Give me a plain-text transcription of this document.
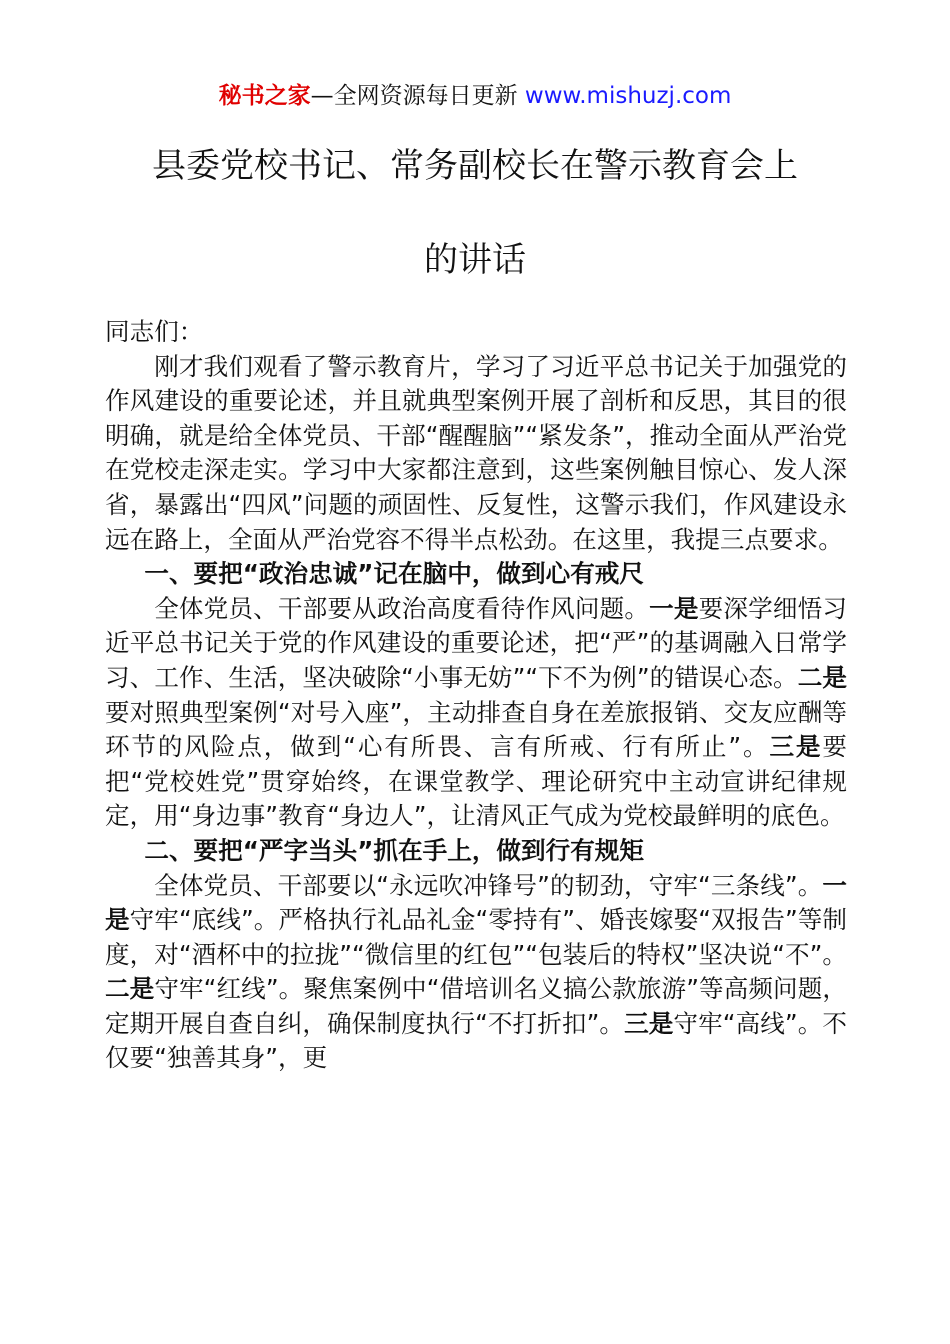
秘书之家—全网资源每日更新 www.mishuzj.com
县委党校书记、常务副校长在警示教育会上
的讲话

同志们：

刚才我们观看了警示教育片，学习了习近平总书记关于加强党的作风建设的重要论述，并且就典型案例开展了剖析和反思，其目的很明确，就是给全体党员、干部“醒醒脑”“紧发条”，推动全面从严治党在党校走深走实。学习中大家都注意到，这些案例触目惊心、发人深省，暴露出“四风”问题的顽固性、反复性，这警示我们，作风建设永远在路上，全面从严治党容不得半点松劲。在这里，我提三点要求。

一、要把“政治忠诚”记在脑中，做到心有戒尺

全体党员、干部要从政治高度看待作风问题。一是要深学细悟习近平总书记关于党的作风建设的重要论述，把“严”的基调融入日常学习、工作、生活，坚决破除“小事无妨”“下不为例”的错误心态。二是要对照典型案例“对号入座”，主动排查自身在差旅报销、交友应酬等环节的风险点，做到“心有所畏、言有所戒、行有所止”。三是要把“党校姓党”贯穿始终，在课堂教学、理论研究中主动宣讲纪律规定，用“身边事”教育“身边人”，让清风正气成为党校最鲜明的底色。

二、要把“严字当头”抓在手上，做到行有规矩

全体党员、干部要以“永远吹冲锋号”的韧劲，守牢“三条线”。一是守牢“底线”。严格执行礼品礼金“零持有”、婚丧嫁娶“双报告”等制度，对“酒杯中的拉拢”“微信里的红包”“包装后的特权”坚决说“不”。二是守牢“红线”。聚焦案例中“借培训名义搞公款旅游”等高频问题，定期开展自查自纠，确保制度执行“不打折扣”。三是守牢“高线”。不仅要“独善其身”，更
